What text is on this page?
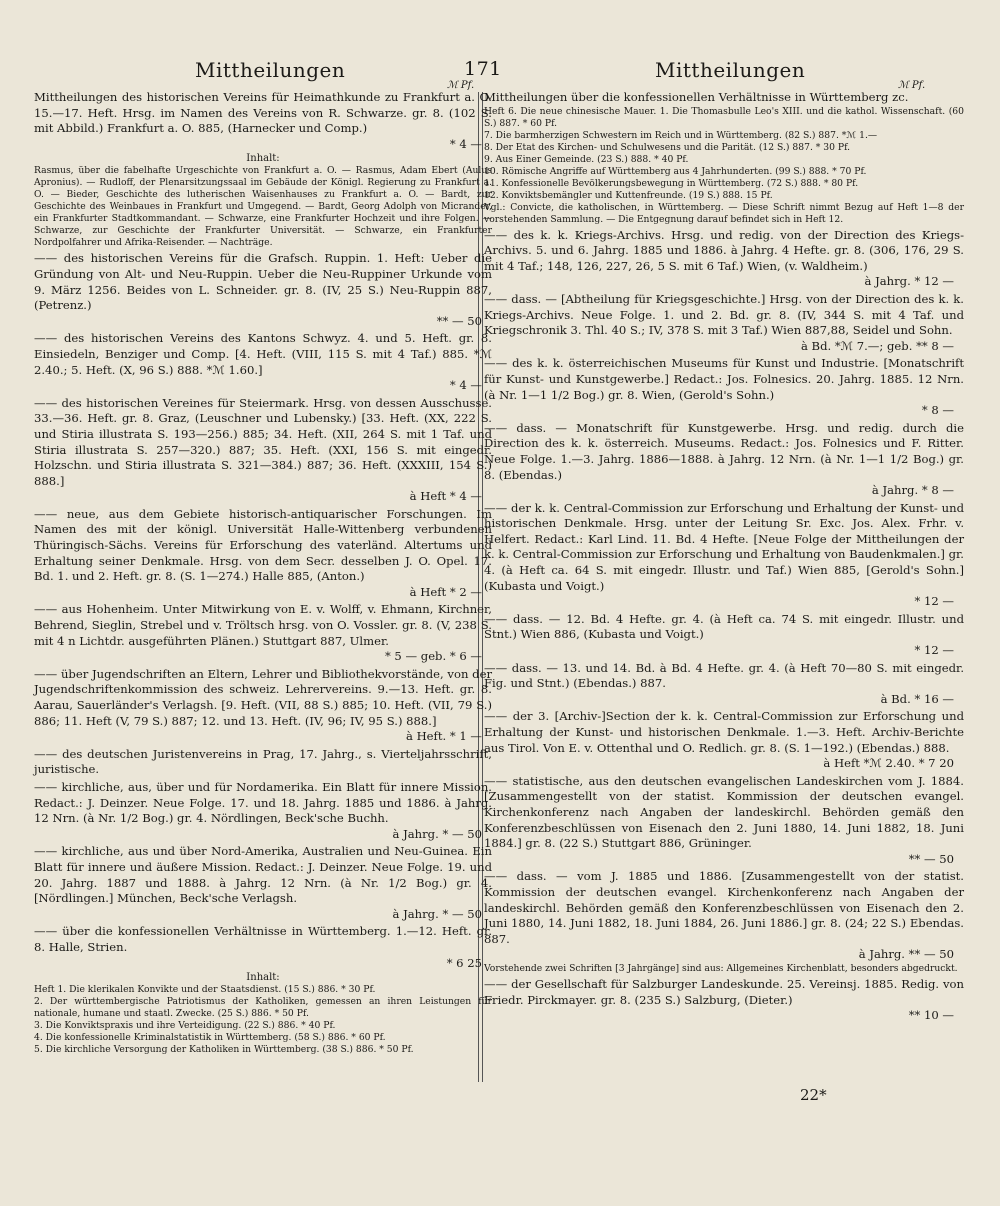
Mittheilungen	171	Mittheilungen
ℳ Pf.	ℳ Pf.
Mittheilungen des historischen Vereins für Heimathkunde zu Frankfurt a. O. 15.—17. Heft. Hrsg. im Namen des Vereins von R. Schwarze. gr. 8. (102 S. mit Abbild.) Frankfurt a. O. 885, (Harnecker und Comp.)
* 4 —
Inhalt:
Rasmus, über die fabelhafte Urgeschichte von Frankfurt a. O. — Rasmus, Adam Ebert (Aulus Apronius). — Rudloff, der Plenarsitzungssaal im Gebäude der Königl. Regierung zu Frankfurt a. O. — Bieder, Geschichte des lutherischen Waisenhauses zu Frankfurt a. O. — Bardt, zur Geschichte des Weinbaues in Frankfurt und Umgegend. — Bardt, Georg Adolph von Micrander, ein Frankfurter Stadtkommandant. — Schwarze, eine Frankfurter Hochzeit und ihre Folgen. — Schwarze, zur Geschichte der Frankfurter Universität. — Schwarze, ein Frankfurter Nordpolfahrer und Afrika-Reisender. — Nachträge.
—— des historischen Vereins für die Grafsch. Ruppin. 1. Heft: Ueber die Gründung von Alt- und Neu-Ruppin. Ueber die Neu-Ruppiner Urkunde vom 9. März 1256. Beides von L. Schneider. gr. 8. (IV, 25 S.) Neu-Ruppin 887, (Petrenz.)
** — 50
—— des historischen Vereins des Kantons Schwyz. 4. und 5. Heft. gr. 8. Einsiedeln, Benziger und Comp. [4. Heft. (VIII, 115 S. mit 4 Taf.) 885. *ℳ 2.40.; 5. Heft. (X, 96 S.) 888. *ℳ 1.60.]
* 4 —
—— des historischen Vereines für Steiermark. Hrsg. von dessen Ausschusse. 33.—36. Heft. gr. 8. Graz, (Leuschner und Lubensky.) [33. Heft. (XX, 222 S. und Stiria illustrata S. 193—256.) 885; 34. Heft. (XII, 264 S. mit 1 Taf. und Stiria illustrata S. 257—320.) 887; 35. Heft. (XXI, 156 S. mit eingedr. Holzschn. und Stiria illustrata S. 321—384.) 887; 36. Heft. (XXXIII, 154 S.) 888.]
à Heft * 4 —
—— neue, aus dem Gebiete historisch-antiquarischer Forschungen. Im Namen des mit der königl. Universität Halle-Wittenberg verbundenen Thüringisch-Sächs. Vereins für Erforschung des vaterländ. Altertums und Erhaltung seiner Denkmale. Hrsg. von dem Secr. desselben J. O. Opel. 17. Bd. 1. und 2. Heft. gr. 8. (S. 1—274.) Halle 885, (Anton.)
à Heft * 2 —
—— aus Hohenheim. Unter Mitwirkung von E. v. Wolff, v. Ehmann, Kirchner, Behrend, Sieglin, Strebel und v. Tröltsch hrsg. von O. Vossler. gr. 8. (V, 238 S. mit 4 n Lichtdr. ausgeführten Plänen.) Stuttgart 887, Ulmer.
* 5 — geb. * 6 —
—— über Jugendschriften an Eltern, Lehrer und Bibliothekvorstände, von der Jugendschriftenkommission des schweiz. Lehrervereins. 9.—13. Heft. gr. 8. Aarau, Sauerländer's Verlagsh. [9. Heft. (VII, 88 S.) 885; 10. Heft. (VII, 79 S.) 886; 11. Heft (V, 79 S.) 887; 12. und 13. Heft. (IV, 96; IV, 95 S.) 888.]
à Heft. * 1 —
—— des deutschen Juristenvereins in Prag, 17. Jahrg., s. Vierteljahrsschrift, juristische.
—— kirchliche, aus, über und für Nordamerika. Ein Blatt für innere Mission. Redact.: J. Deinzer. Neue Folge. 17. und 18. Jahrg. 1885 und 1886. à Jahrg. 12 Nrn. (à Nr. 1/2 Bog.) gr. 4. Nördlingen, Beck'sche Buchh.
à Jahrg. * — 50
—— kirchliche, aus und über Nord-Amerika, Australien und Neu-Guinea. Ein Blatt für innere und äußere Mission. Redact.: J. Deinzer. Neue Folge. 19. und 20. Jahrg. 1887 und 1888. à Jahrg. 12 Nrn. (à Nr. 1/2 Bog.) gr. 4. [Nördlingen.] München, Beck'sche Verlagsh.
à Jahrg. * — 50
—— über die konfessionellen Verhältnisse in Württemberg. 1.—12. Heft. gr. 8. Halle, Strien.
* 6 25
Inhalt:
Heft 1. Die klerikalen Konvikte und der Staatsdienst. (15 S.) 886. * 30 Pf.
2. Der württembergische Patriotismus der Katholiken, gemessen an ihren Leistungen für nationale, humane und staatl. Zwecke. (25 S.) 886. * 50 Pf.
3. Die Konviktspraxis und ihre Verteidigung. (22 S.) 886. * 40 Pf.
4. Die konfessionelle Kriminalstatistik in Württemberg. (58 S.) 886. * 60 Pf.
5. Die kirchliche Versorgung der Katholiken in Württemberg. (38 S.) 886. * 50 Pf.
Mittheilungen über die konfessionellen Verhältnisse in Württemberg zc.
Heft 6. Die neue chinesische Mauer. 1. Die Thomasbulle Leo's XIII. und die kathol. Wissenschaft. (60 S.) 887. * 60 Pf.
7. Die barmherzigen Schwestern im Reich und in Württemberg. (82 S.) 887. *ℳ 1.—
8. Der Etat des Kirchen- und Schulwesens und die Parität. (12 S.) 887. * 30 Pf.
9. Aus Einer Gemeinde. (23 S.) 888. * 40 Pf.
10. Römische Angriffe auf Württemberg aus 4 Jahrhunderten. (99 S.) 888. * 70 Pf.
11. Konfessionelle Bevölkerungsbewegung in Württemberg. (72 S.) 888. * 80 Pf.
12. Konviktsbemängler und Kuttenfreunde. (19 S.) 888. 15 Pf.
Vgl.: Convicte, die katholischen, in Württemberg. — Diese Schrift nimmt Bezug auf Heft 1—8 der vorstehenden Sammlung. — Die Entgegnung darauf befindet sich in Heft 12.
—— des k. k. Kriegs-Archivs. Hrsg. und redig. von der Direction des Kriegs-Archivs. 5. und 6. Jahrg. 1885 und 1886. à Jahrg. 4 Hefte. gr. 8. (306, 176, 29 S. mit 4 Taf.; 148, 126, 227, 26, 5 S. mit 6 Taf.) Wien, (v. Waldheim.)
à Jahrg. * 12 —
—— dass. — [Abtheilung für Kriegsgeschichte.] Hrsg. von der Direction des k. k. Kriegs-Archivs. Neue Folge. 1. und 2. Bd. gr. 8. (IV, 344 S. mit 4 Taf. und Kriegschronik 3. Thl. 40 S.; IV, 378 S. mit 3 Taf.) Wien 887,88, Seidel und Sohn.
à Bd. *ℳ 7.—; geb. ** 8 —
—— des k. k. österreichischen Museums für Kunst und Industrie. [Monatschrift für Kunst- und Kunstgewerbe.] Redact.: Jos. Folnesics. 20. Jahrg. 1885. 12 Nrn. (à Nr. 1—1 1/2 Bog.) gr. 8. Wien, (Gerold's Sohn.)
* 8 —
—— dass. — Monatschrift für Kunstgewerbe. Hrsg. und redig. durch die Direction des k. k. österreich. Museums. Redact.: Jos. Folnesics und F. Ritter. Neue Folge. 1.—3. Jahrg. 1886—1888. à Jahrg. 12 Nrn. (à Nr. 1—1 1/2 Bog.) gr. 8. (Ebendas.)
à Jahrg. * 8 —
—— der k. k. Central-Commission zur Erforschung und Erhaltung der Kunst- und historischen Denkmale. Hrsg. unter der Leitung Sr. Exc. Jos. Alex. Frhr. v. Helfert. Redact.: Karl Lind. 11. Bd. 4 Hefte. [Neue Folge der Mittheilungen der k. k. Central-Commission zur Erforschung und Erhaltung von Baudenkmalen.] gr. 4. (à Heft ca. 64 S. mit eingedr. Illustr. und Taf.) Wien 885, [Gerold's Sohn.] (Kubasta und Voigt.)
* 12 —
—— dass. — 12. Bd. 4 Hefte. gr. 4. (à Heft ca. 74 S. mit eingedr. Illustr. und Stnt.) Wien 886, (Kubasta und Voigt.)
* 12 —
—— dass. — 13. und 14. Bd. à Bd. 4 Hefte. gr. 4. (à Heft 70—80 S. mit eingedr. Fig. und Stnt.) (Ebendas.) 887.
à Bd. * 16 —
—— der 3. [Archiv-]Section der k. k. Central-Commission zur Erforschung und Erhaltung der Kunst- und historischen Denkmale. 1.—3. Heft. Archiv-Berichte aus Tirol. Von E. v. Ottenthal und O. Redlich. gr. 8. (S. 1—192.) (Ebendas.) 888.
à Heft *ℳ 2.40. * 7 20
—— statistische, aus den deutschen evangelischen Landeskirchen vom J. 1884. [Zusammengestellt von der statist. Kommission der deutschen evangel. Kirchenkonferenz nach Angaben der landeskirchl. Behörden gemäß den Konferenzbeschlüssen von Eisenach den 2. Juni 1880, 14. Juni 1882, 18. Juni 1884.] gr. 8. (22 S.) Stuttgart 886, Grüninger.
** — 50
—— dass. — vom J. 1885 und 1886. [Zusammengestellt von der statist. Kommission der deutschen evangel. Kirchenkonferenz nach Angaben der landeskirchl. Behörden gemäß den Konferenzbeschlüssen von Eisenach den 2. Juni 1880, 14. Juni 1882, 18. Juni 1884, 26. Juni 1886.] gr. 8. (24; 22 S.) Ebendas. 887.
à Jahrg. ** — 50
Vorstehende zwei Schriften [3 Jahrgänge] sind aus: Allgemeines Kirchenblatt, besonders abgedruckt.
—— der Gesellschaft für Salzburger Landeskunde. 25. Vereinsj. 1885. Redig. von Friedr. Pirckmayer. gr. 8. (235 S.) Salzburg, (Dieter.)
** 10 —
22*
